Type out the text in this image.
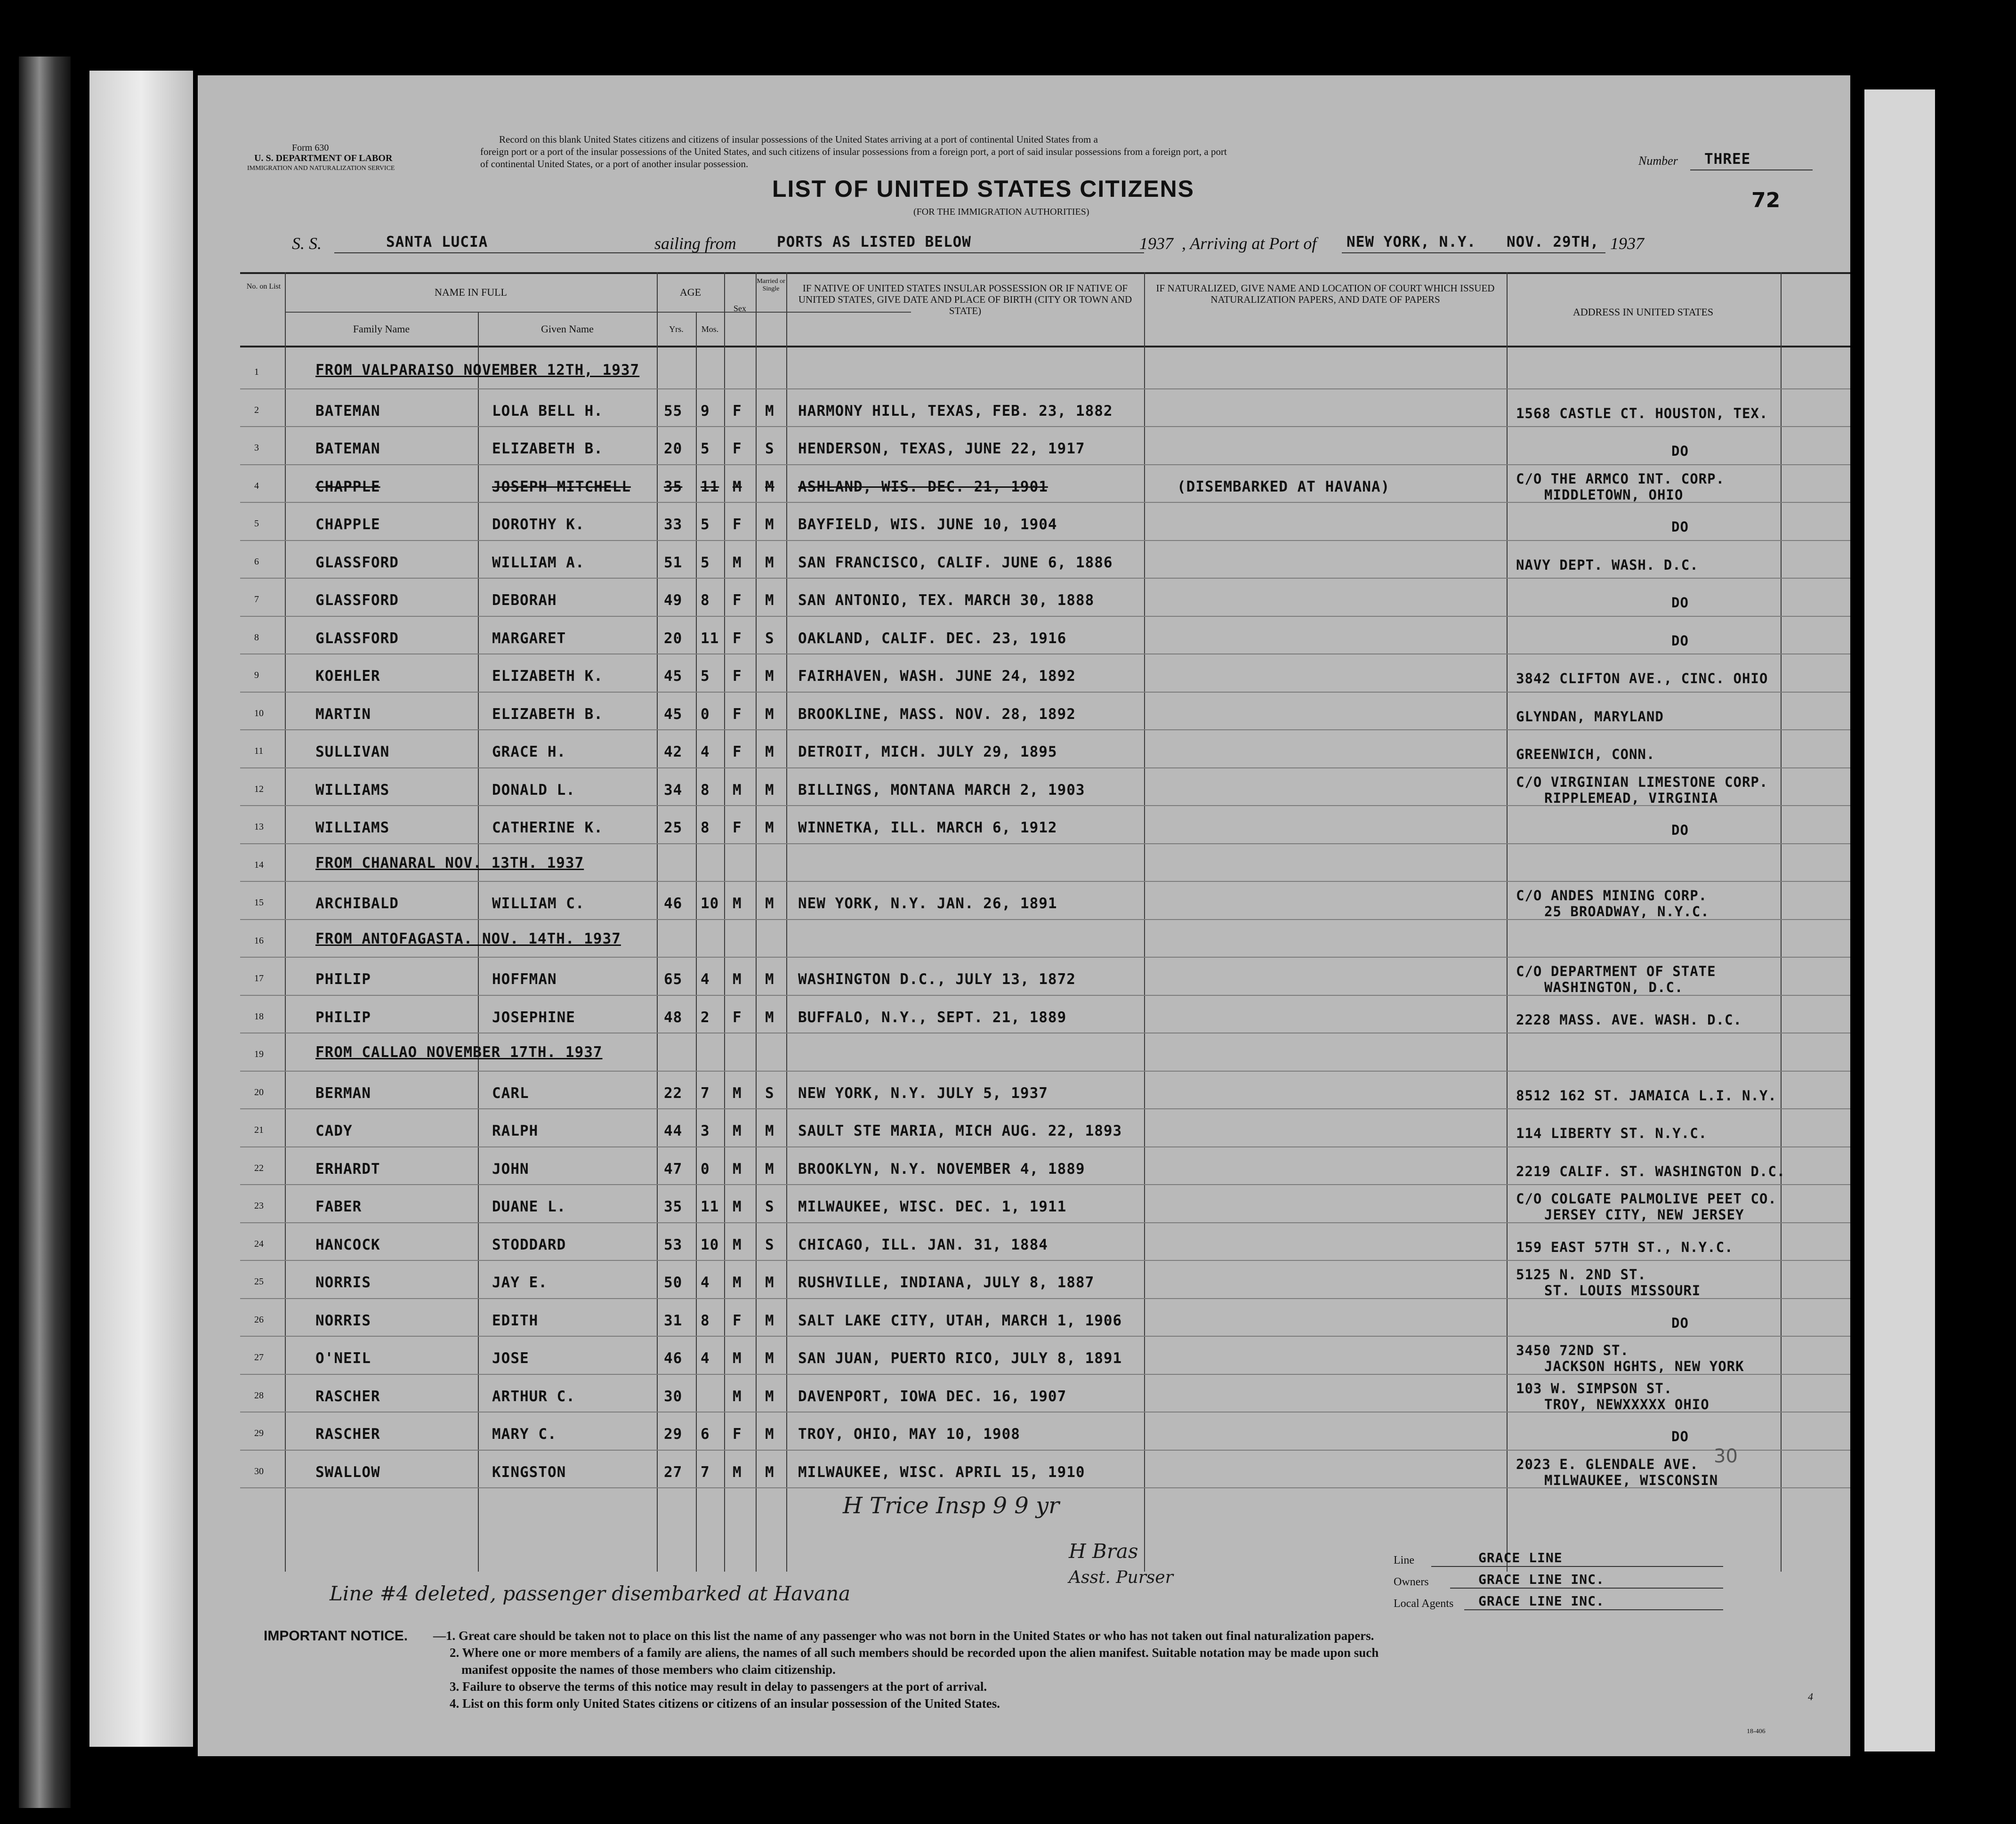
Form 630
U. S. DEPARTMENT OF LABOR
IMMIGRATION AND NATURALIZATION SERVICE
Record on this blank United States citizens and citizens of insular possessions of the United States arriving at a port of continental United States from a
foreign port or a port of the insular possessions of the United States, and such citizens of insular possessions from a foreign port, a port of said insular possessions from a foreign port, a port
of continental United States, or a port of another insular possession.	Number THREE
72
LIST OF UNITED STATES CITIZENS
(FOR THE IMMIGRATION AUTHORITIES)
S. S.	SANTA LUCIA	sailing from	PORTS AS LISTED BELOW	1937 , Arriving at Port of NEW YORK, N.Y. NOV. 29TH, 1937
No. on List	NAME IN FULL
Family Name	Given Name
AGE
Yrs.	Mos.
Sex
Married or Single	IF NATIVE OF UNITED STATES INSULAR POSSESSION OR IF NATIVE OF UNITED STATES, GIVE DATE AND PLACE OF BIRTH (CITY OR TOWN AND STATE)
IF NATURALIZED, GIVE NAME AND LOCATION OF COURT WHICH ISSUED NATURALIZATION PAPERS, AND DATE OF PAPERS
ADDRESS IN UNITED STATES
1	FROM VALPARAISO NOVEMBER 12TH, 1937
2	BATEMAN	LOLA BELL H.	55 9 F M HARMONY HILL, TEXAS, FEB. 23, 1882	1568 CASTLE CT. HOUSTON, TEX.
3	BATEMAN	ELIZABETH B.	20 5 F S HENDERSON, TEXAS, JUNE 22, 1917	DO
4	CHAPPLE	JOSEPH MITCHELL 35 11 M M ASHLAND, WIS. DEC. 21, 1901	(DISEMBARKED AT HAVANA)	C/O THE ARMCO INT. CORP.
MIDDLETOWN, OHIO
5	CHAPPLE	DOROTHY K.	33 5 F M BAYFIELD, WIS. JUNE 10, 1904	DO
6	GLASSFORD	WILLIAM A.	51 5 M M SAN FRANCISCO, CALIF. JUNE 6, 1886	NAVY DEPT. WASH. D.C.
7	GLASSFORD	DEBORAH	49 8 F M SAN ANTONIO, TEX. MARCH 30, 1888	DO
8	GLASSFORD	MARGARET	20 11 F S OAKLAND, CALIF. DEC. 23, 1916	DO
9	KOEHLER	ELIZABETH K.	45 5 F M FAIRHAVEN, WASH. JUNE 24, 1892	3842 CLIFTON AVE., CINC. OHIO
10	MARTIN	ELIZABETH B.	45 0 F M BROOKLINE, MASS. NOV. 28, 1892	GLYNDAN, MARYLAND
11	SULLIVAN	GRACE H.	42 4 F M DETROIT, MICH. JULY 29, 1895	GREENWICH, CONN.
12	WILLIAMS	DONALD L.	34 8 M M BILLINGS, MONTANA MARCH 2, 1903	C/O VIRGINIAN LIMESTONE CORP.
RIPPLEMEAD, VIRGINIA
13	WILLIAMS	CATHERINE K.	25 8 F M WINNETKA, ILL. MARCH 6, 1912	DO
14	FROM CHANARAL NOV. 13TH. 1937
15	ARCHIBALD	WILLIAM C.	46 10 M M NEW YORK, N.Y. JAN. 26, 1891	C/O ANDES MINING CORP.
25 BROADWAY, N.Y.C.
16	FROM ANTOFAGASTA. NOV. 14TH. 1937
17	PHILIP	HOFFMAN	65 4 M M WASHINGTON D.C., JULY 13, 1872	C/O DEPARTMENT OF STATE
WASHINGTON, D.C.
18	PHILIP	JOSEPHINE	48 2 F M BUFFALO, N.Y., SEPT. 21, 1889	2228 MASS. AVE. WASH. D.C.
19	FROM CALLAO NOVEMBER 17TH. 1937
20	BERMAN	CARL	22 7 M S NEW YORK, N.Y. JULY 5, 1937	8512 162 ST. JAMAICA L.I. N.Y.
21	CADY	RALPH	44 3 M M SAULT STE MARIA, MICH AUG. 22, 1893	114 LIBERTY ST. N.Y.C.
22	ERHARDT	JOHN	47 0 M M BROOKLYN, N.Y. NOVEMBER 4, 1889	2219 CALIF. ST. WASHINGTON D.C.
23	FABER	DUANE L.	35 11 M S MILWAUKEE, WISC. DEC. 1, 1911	C/O COLGATE PALMOLIVE PEET CO.
JERSEY CITY, NEW JERSEY
24	HANCOCK	STODDARD	53 10 M S CHICAGO, ILL. JAN. 31, 1884	159 EAST 57TH ST., N.Y.C.
25	NORRIS	JAY E.	50 4 M M RUSHVILLE, INDIANA, JULY 8, 1887	5125 N. 2ND ST.
ST. LOUIS MISSOURI
26	NORRIS	EDITH	31 8 F M SALT LAKE CITY, UTAH, MARCH 1, 1906	DO
27	O'NEIL	JOSE	46 4 M M SAN JUAN, PUERTO RICO, JULY 8, 1891	3450 72ND ST.
JACKSON HGHTS, NEW YORK
28	RASCHER	ARTHUR C.	30	M M DAVENPORT, IOWA DEC. 16, 1907	103 W. SIMPSON ST.
TROY, NEWXXXXX OHIO
29	RASCHER	MARY C.	29 6 F M TROY, OHIO, MAY 10, 1908	DO
30	SWALLOW	KINGSTON	27 7 M M MILWAUKEE, WISC. APRIL 15, 1910	2023 E. GLENDALE AVE.
MILWAUKEE, WISCONSIN
Line #4 deleted, passenger disembarked at Havana
H Trice Insp 9 9 yr
H Bras
Asst. Purser
30
Line	GRACE LINE
Owners	GRACE LINE INC.
Local Agents GRACE LINE INC.
IMPORTANT NOTICE. —1. Great care should be taken not to place on this list the name of any passenger who was not born in the United States or who has not taken out final naturalization papers.
2. Where one or more members of a family are aliens, the names of all such members should be recorded upon the alien manifest. Suitable notation may be made upon such
manifest opposite the names of those members who claim citizenship.
3. Failure to observe the terms of this notice may result in delay to passengers at the port of arrival.
4. List on this form only United States citizens or citizens of an insular possession of the United States.
18-406
4
